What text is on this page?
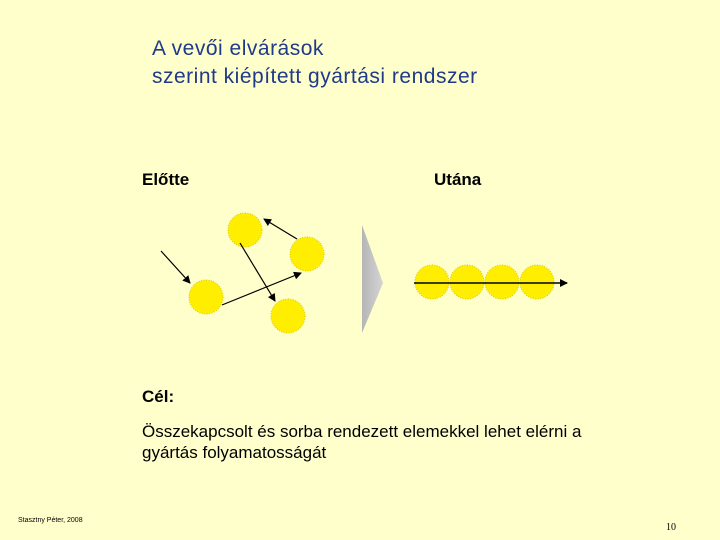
A vevői elvárások
szerint kiépített gyártási rendszer
Előtte	Utána
Cél:
Összekapcsolt és sorba rendezett elemekkel lehet elérni a
gyártás folyamatosságát
Stasztny Péter, 2008
10
